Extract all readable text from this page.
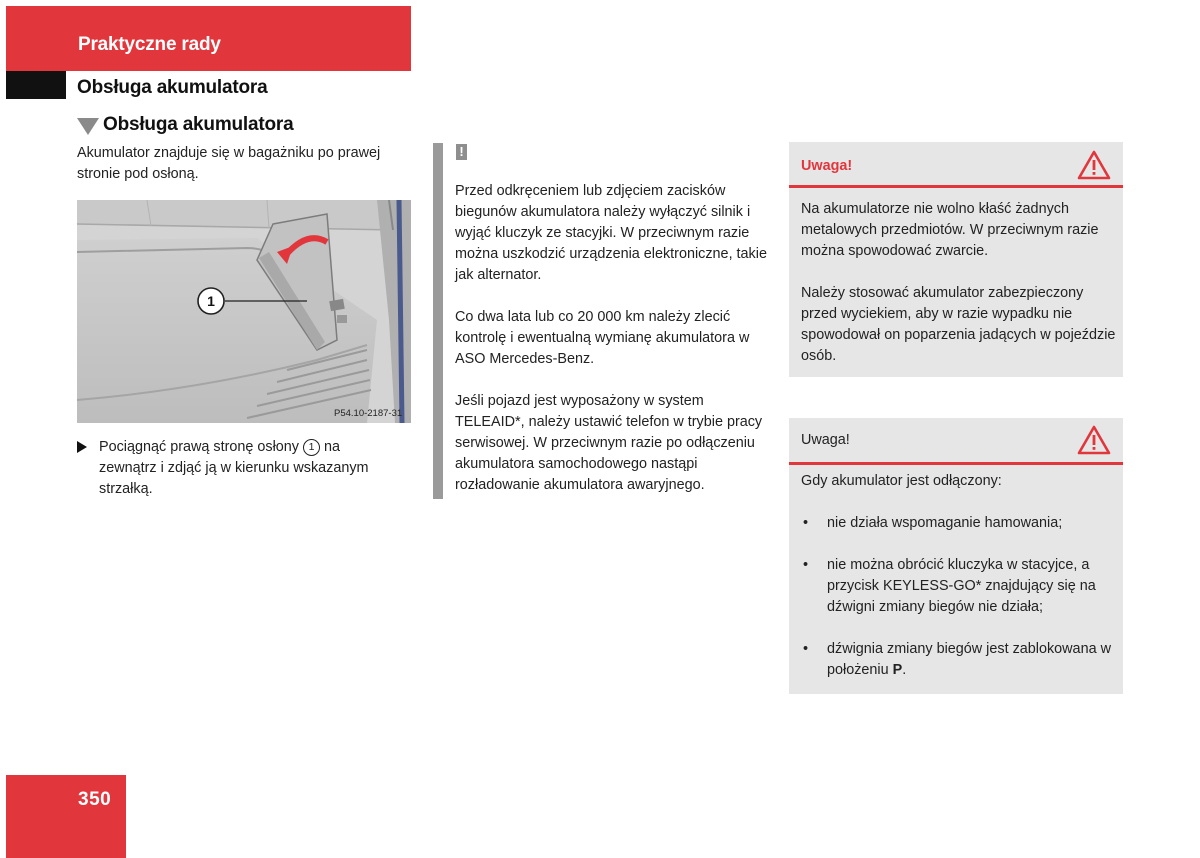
Praktyczne rady
Obsługa akumulatora
Obsługa akumulatora
Akumulator znajduje się w bagażniku po prawej stronie pod osłoną.
1
P54.10-2187-31
Pociągnąć prawą stronę osłony 1 na zewnątrz i zdjąć ją w kierunku wskazanym strzałką.
!

Przed odkręceniem lub zdjęciem zacisków biegunów akumulatora należy wyłączyć silnik i wyjąć kluczyk ze stacyjki. W przeciwnym razie można uszkodzić urządzenia elektroniczne, takie jak alternator.

Co dwa lata lub co 20 000 km należy zlecić kontrolę i ewentualną wymianę akumulatora w ASO Mercedes-Benz.

Jeśli pojazd jest wyposażony w system TELEAID*, należy ustawić telefon w trybie pracy serwisowej. W przeciwnym razie po odłączeniu akumulatora samochodowego nastąpi rozładowanie akumulatora awaryjnego.

Uwaga!

Na akumulatorze nie wolno kłaść żadnych metalowych przedmiotów. W przeciwnym razie można spowodować zwarcie.

Należy stosować akumulator zabezpieczony przed wyciekiem, aby w razie wypadku nie spowodował on poparzenia jadących w pojeździe osób.

Uwaga!

Gdy akumulator jest odłączony:

• nie działa wspomaganie hamowania;
• nie można obrócić kluczyka w stacyjce, a przycisk KEYLESS-GO* znajdujący się na dźwigni zmiany biegów nie działa;
• dźwignia zmiany biegów jest zablokowana w położeniu P.
350
